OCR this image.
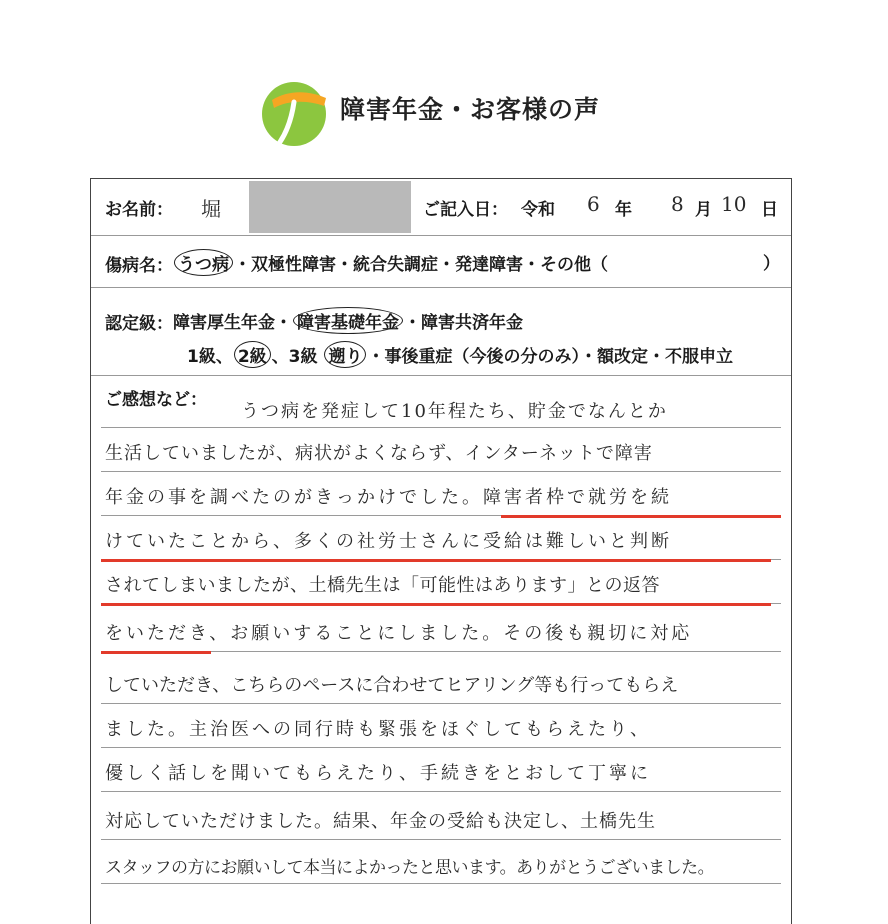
障害年金・お客様の声
お名前： 堀	ご記入日： 令和 6 年 8 月 10 日
傷病名： うつ病 ・双極性障害・統合失調症・発達障害・その他（	）
認定級： 障害厚生年金・ 障害基礎年金 ・障害共済年金
1級、 2級 、3級 遡り ・事後重症（今後の分のみ）・額改定・不服申立
ご感想など：
うつ病を発症して10年程たち、貯金でなんとか
生活していましたが、病状がよくならず、インターネットで障害
年金の事を調べたのがきっかけでした。障害者枠で就労を続
けていたことから、多くの社労士さんに受給は難しいと判断
されてしまいましたが、土橋先生は「可能性はあります」との返答
をいただき、お願いすることにしました。その後も親切に対応
していただき、こちらのペースに合わせてヒアリング等も行ってもらえ
ました。主治医への同行時も緊張をほぐしてもらえたり、
優しく話しを聞いてもらえたり、手続きをとおして丁寧に
対応していただけました。結果、年金の受給も決定し、土橋先生
スタッフの方にお願いして本当によかったと思います。ありがとうございました。
